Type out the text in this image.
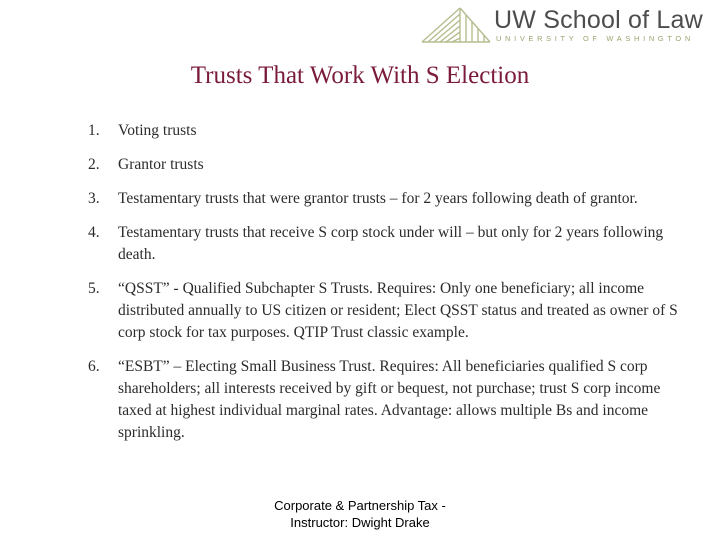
UW School of Law
UNIVERSITY OF WASHINGTON
Trusts That Work With S Election
1.	Voting trusts
2.	Grantor trusts
3.	Testamentary trusts that were grantor trusts – for 2 years following death of grantor.
4.	Testamentary trusts that receive S corp stock under will – but only for 2 years following death.
5.	“QSST” - Qualified Subchapter S Trusts. Requires: Only one beneficiary; all income distributed annually to US citizen or resident; Elect QSST status and treated as owner of S corp stock for tax purposes. QTIP Trust classic example.
6.	“ESBT” – Electing Small Business Trust. Requires: All beneficiaries qualified S corp shareholders; all interests received by gift or bequest, not purchase; trust S corp income taxed at highest individual marginal rates. Advantage: allows multiple Bs and income sprinkling.
Corporate & Partnership Tax -
Instructor: Dwight Drake
